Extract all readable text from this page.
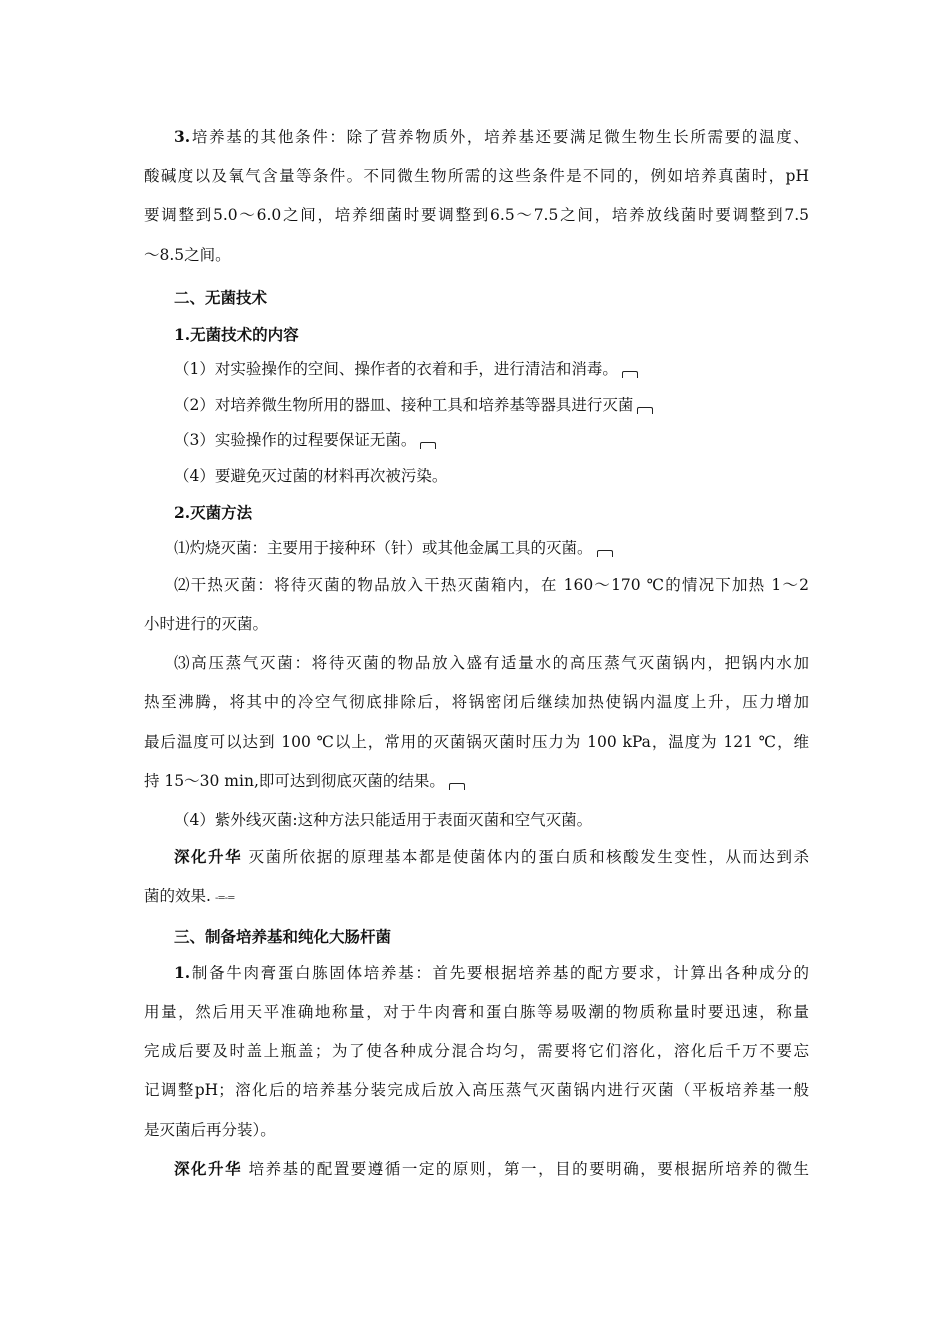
3.培养基的其他条件：除了营养物质外，培养基还要满足微生物生长所需要的温度、
酸碱度以及氧气含量等条件。不同微生物所需的这些条件是不同的，例如培养真菌时，pH
要调整到5.0～6.0之间，培养细菌时要调整到6.5～7.5之间，培养放线菌时要调整到7.5
～8.5之间。
二、无菌技术
1.无菌技术的内容
（1）对实验操作的空间、操作者的衣着和手，进行清洁和消毒。
（2）对培养微生物所用的器皿、接种工具和培养基等器具进行灭菌
（3）实验操作的过程要保证无菌。
（4）要避免灭过菌的材料再次被污染。
2.灭菌方法
⑴灼烧灭菌：主要用于接种环（针）或其他金属工具的灭菌。
⑵干热灭菌：将待灭菌的物品放入干热灭菌箱内，在 160～170 ℃的情况下加热 1～2
小时进行的灭菌。
⑶高压蒸气灭菌：将待灭菌的物品放入盛有适量水的高压蒸气灭菌锅内，把锅内水加
热至沸腾，将其中的冷空气彻底排除后，将锅密闭后继续加热使锅内温度上升，压力增加
最后温度可以达到 100 ℃以上，常用的灭菌锅灭菌时压力为 100 kPa，温度为 121 ℃，维
持 15～30 min,即可达到彻底灭菌的结果。
（4）紫外线灭菌:这种方法只能适用于表面灭菌和空气灭菌。
深化升华 灭菌所依据的原理基本都是使菌体内的蛋白质和核酸发生变性，从而达到杀
菌的效果. -=-=
三、制备培养基和纯化大肠杆菌
1.制备牛肉膏蛋白胨固体培养基：首先要根据培养基的配方要求，计算出各种成分的
用量，然后用天平准确地称量，对于牛肉膏和蛋白胨等易吸潮的物质称量时要迅速，称量
完成后要及时盖上瓶盖；为了使各种成分混合均匀，需要将它们溶化，溶化后千万不要忘
记调整pH；溶化后的培养基分装完成后放入高压蒸气灭菌锅内进行灭菌（平板培养基一般
是灭菌后再分装）。
深化升华 培养基的配置要遵循一定的原则，第一，目的要明确，要根据所培养的微生
